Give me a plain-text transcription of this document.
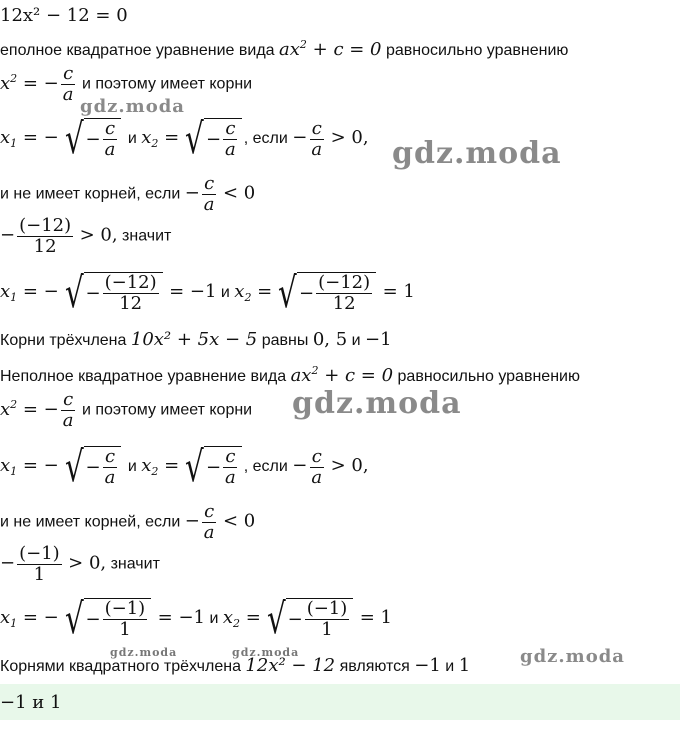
12x² − 12 = 0
еполное квадратное уравнение вида $ax^2 + c = 0$ равносильно уравнению
$x^2$ = − $\frac{c}{a}$ и поэтому имеет корни
gdz.moda
$x_1$ = − √ − $\frac{c}{a}$ и $x_2$ = √ − $\frac{c}{a}$ , если − $\frac{c}{a} > 0$, gdz.moda
и не имеет корней, если − $\frac{c}{a} < 0$
− $\frac{(-12)}{12} > 0$, значит
$x_1$ = − √ − $\frac{(-12)}{12} = -1$ и $x_2$ = √ − $\frac{(-12)}{12} = 1$
Корни трёхчлена 10x² + 5x − 5 равны 0, 5 и −1
Неполное квадратное уравнение вида $ax^2 + c = 0$ равносильно уравнению
$x^2$ = − $\frac{c}{a}$ и поэтому имеет корни gdz.moda
$x_1$ = − √ − $\frac{c}{a}$ и $x_2$ = √ − $\frac{c}{a}$ , если − $\frac{c}{a} > 0$,
и не имеет корней, если − $\frac{c}{a} < 0$
− $\frac{(-1)}{1} > 0$, значит
$x_1$ = − √ − $\frac{(-1)}{1} = -1$ и $x_2$ = √ − $\frac{(-1)}{1} = 1$
gdz.moda	gdz.moda
Корнями квадратного трёхчлена 12x² − 12 являются −1 и 1	gdz.moda
−1 и 1
